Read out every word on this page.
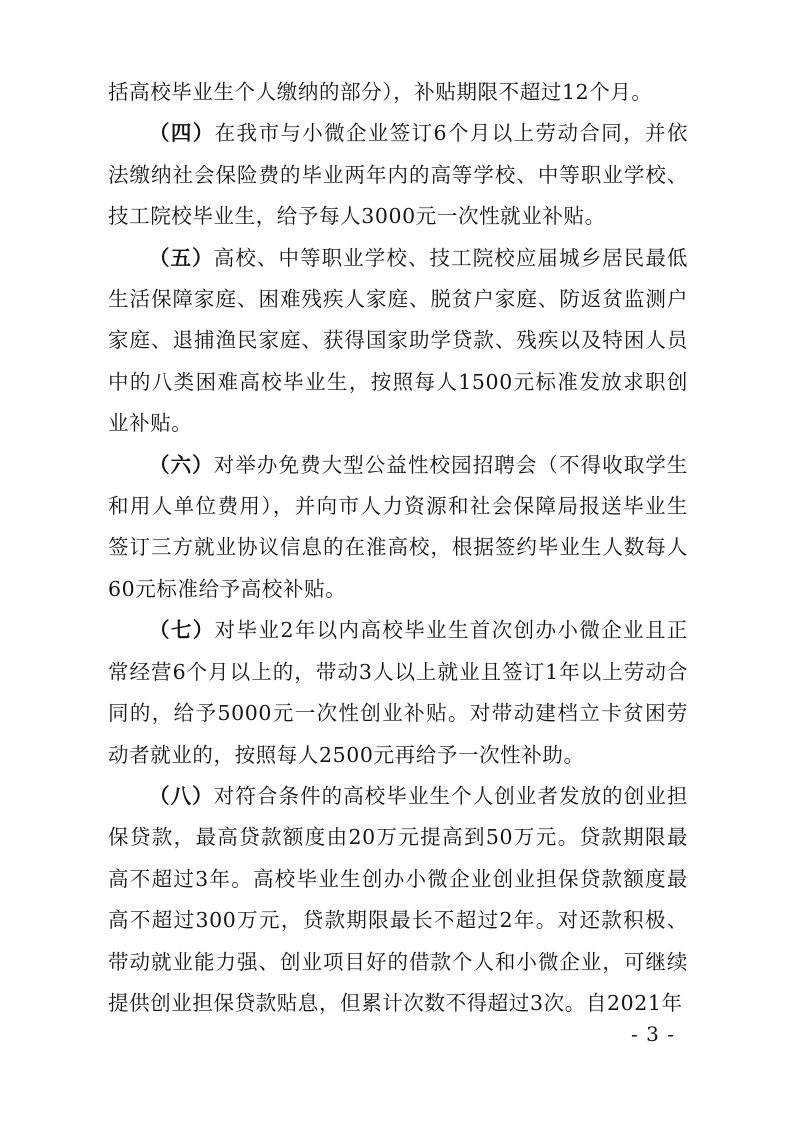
括高校毕业生个人缴纳的部分），补贴期限不超过12个月。

（四）在我市与小微企业签订6个月以上劳动合同，并依法缴纳社会保险费的毕业两年内的高等学校、中等职业学校、技工院校毕业生，给予每人3000元一次性就业补贴。

（五）高校、中等职业学校、技工院校应届城乡居民最低生活保障家庭、困难残疾人家庭、脱贫户家庭、防返贫监测户家庭、退捕渔民家庭、获得国家助学贷款、残疾以及特困人员中的八类困难高校毕业生，按照每人1500元标准发放求职创业补贴。

（六）对举办免费大型公益性校园招聘会（不得收取学生和用人单位费用），并向市人力资源和社会保障局报送毕业生签订三方就业协议信息的在淮高校，根据签约毕业生人数每人60元标准给予高校补贴。

（七）对毕业2年以内高校毕业生首次创办小微企业且正常经营6个月以上的，带动3人以上就业且签订1年以上劳动合同的，给予5000元一次性创业补贴。对带动建档立卡贫困劳动者就业的，按照每人2500元再给予一次性补助。

（八）对符合条件的高校毕业生个人创业者发放的创业担保贷款，最高贷款额度由20万元提高到50万元。贷款期限最高不超过3年。高校毕业生创办小微企业创业担保贷款额度最高不超过300万元，贷款期限最长不超过2年。对还款积极、带动就业能力强、创业项目好的借款个人和小微企业，可继续提供创业担保贷款贴息，但累计次数不得超过3次。自2021年

- 3 -
